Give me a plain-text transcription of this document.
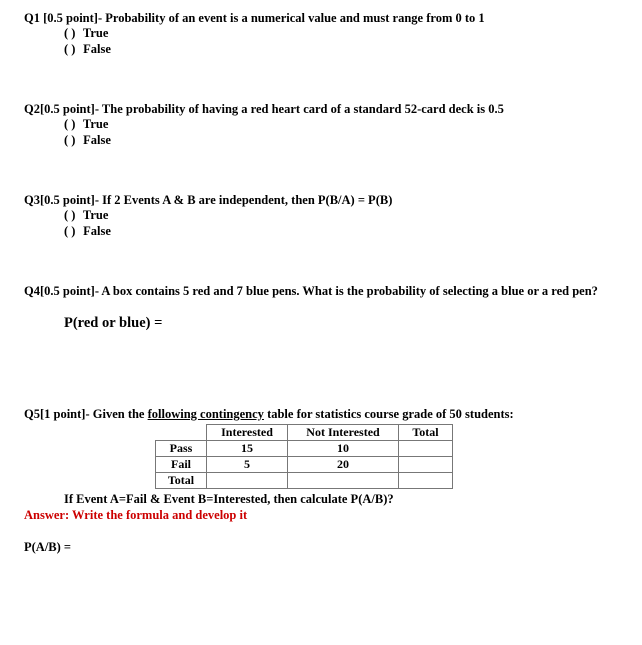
Q1 [0.5 point]- Probability of an event is a numerical value and must range from 0 to 1
( ) True
( ) False
Q2[0.5 point]- The probability of having a red heart card of a standard 52-card deck is 0.5
( ) True
( ) False
Q3[0.5 point]- If 2 Events A & B are independent, then P(B/A) = P(B)
( ) True
( ) False
Q4[0.5 point]- A box contains 5 red and 7 blue pens. What is the probability of selecting a blue or a red pen?
P(red or blue) =
Q5[1 point]- Given the following contingency table for statistics course grade of 50 students:
	Interested	Not Interested	Total
Pass	15	10	
Fail	5	20	
Total			
If Event A=Fail & Event B=Interested, then calculate P(A/B)?
Answer: Write the formula and develop it
P(A/B) =
